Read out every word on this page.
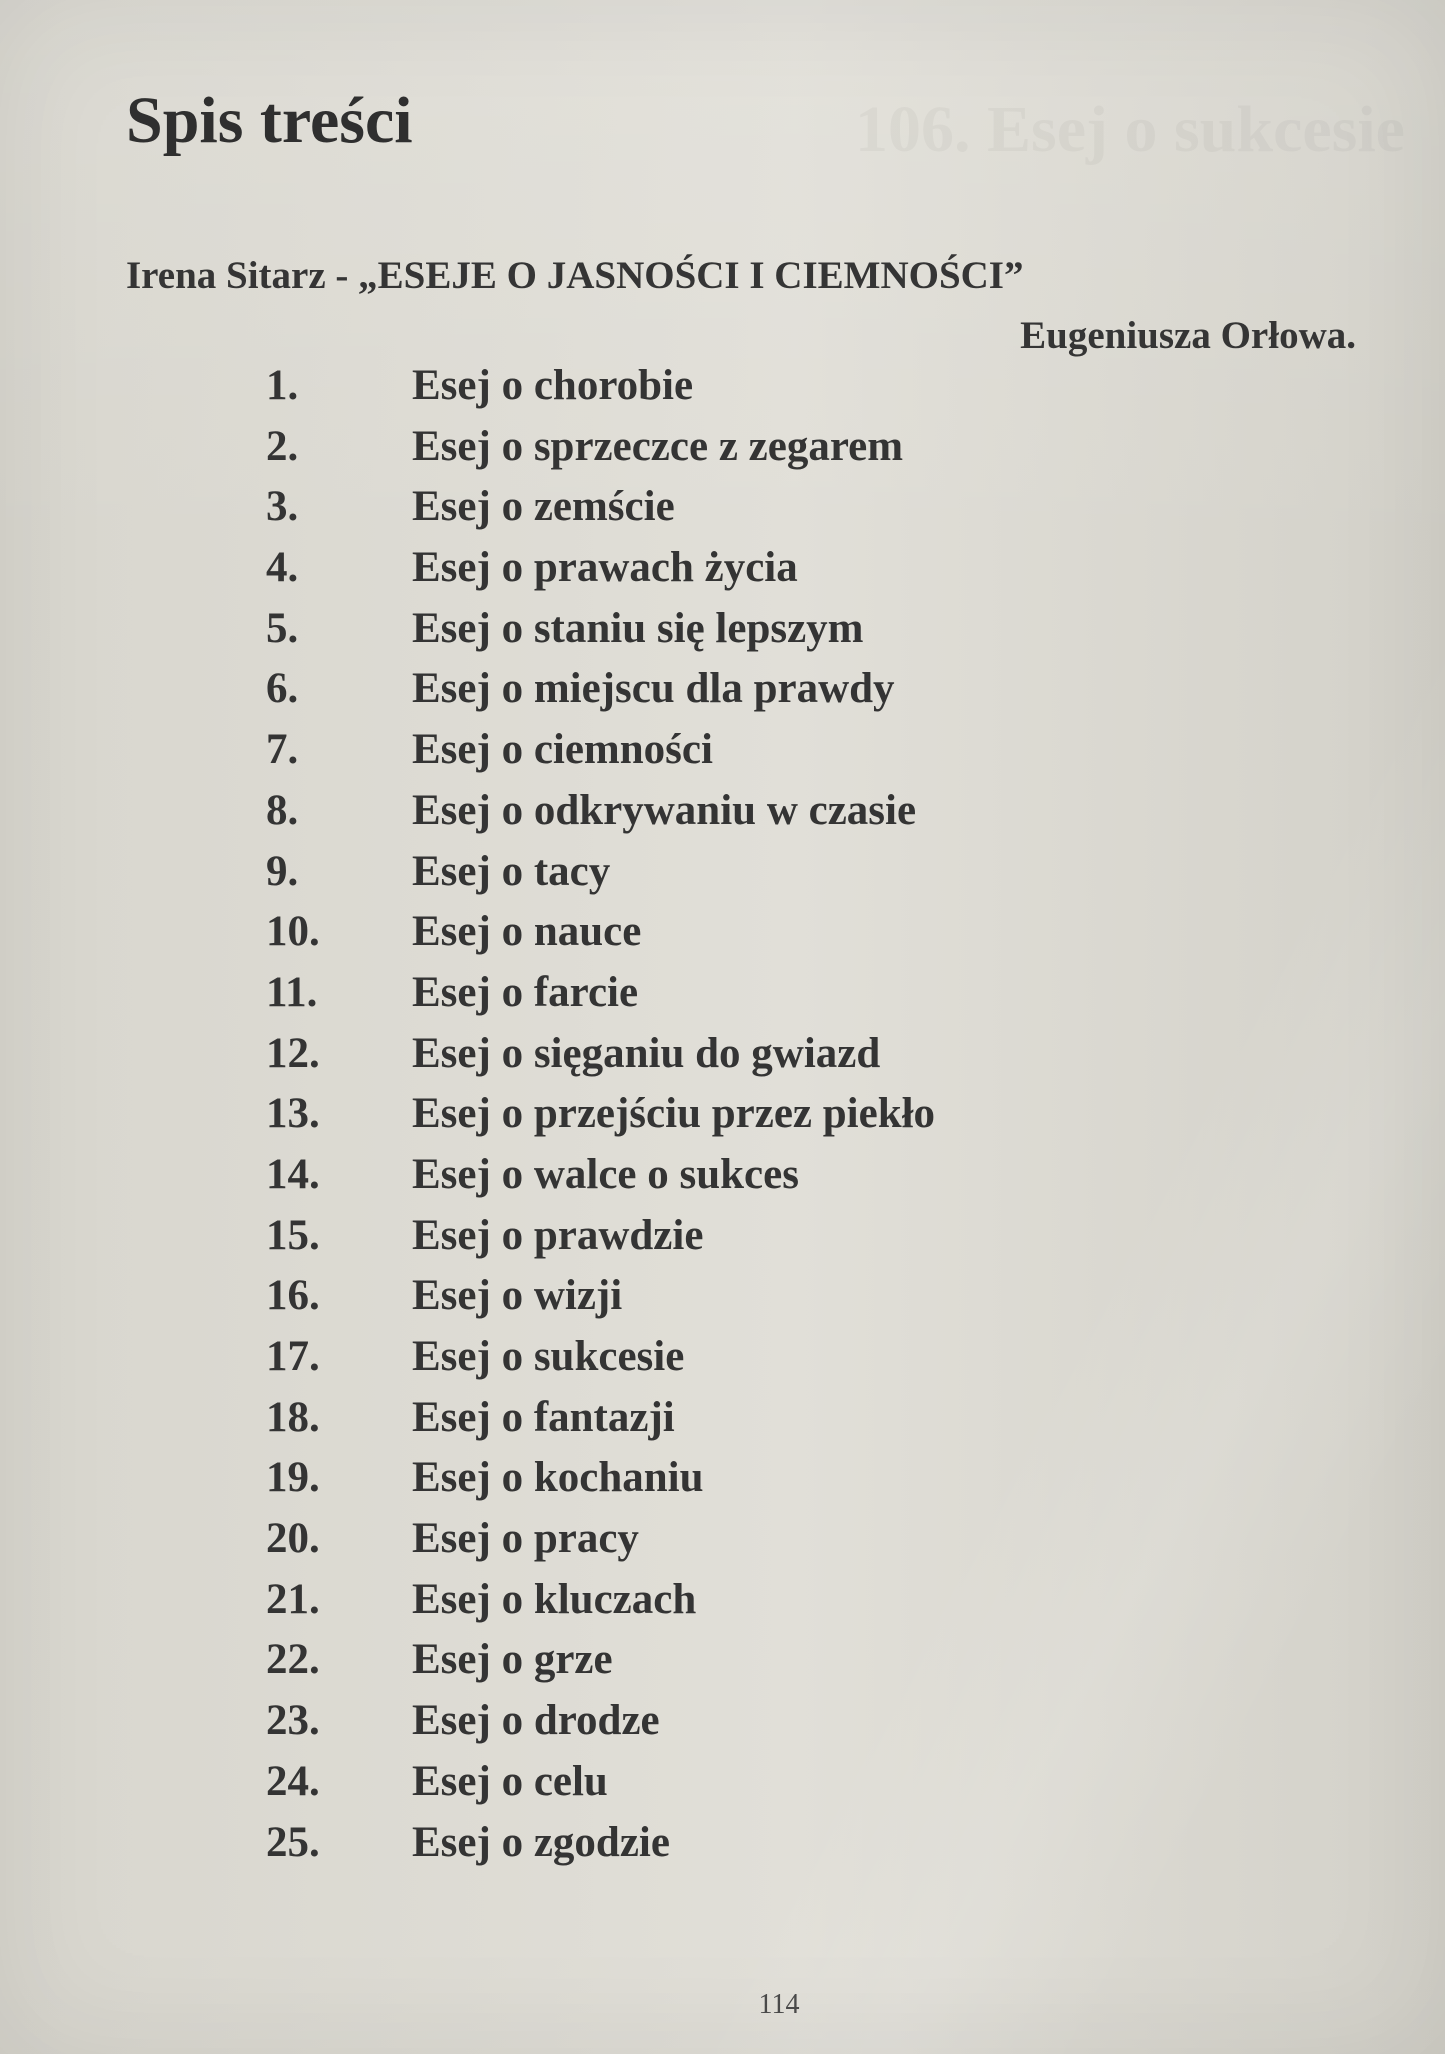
Spis treści

Irena Sitarz - „ESEJE O JASNOŚCI I CIEMNOŚCI”

Eugeniusza Orłowa.

1.	Esej o chorobie
2.	Esej o sprzeczce z zegarem
3.	Esej o zemście
4.	Esej o prawach życia
5.	Esej o staniu się lepszym
6.	Esej o miejscu dla prawdy
7.	Esej o ciemności
8.	Esej o odkrywaniu w czasie
9.	Esej o tacy
10.	Esej o nauce
11.	Esej o farcie
12.	Esej o sięganiu do gwiazd
13.	Esej o przejściu przez piekło
14.	Esej o walce o sukces
15.	Esej o prawdzie
16.	Esej o wizji
17.	Esej o sukcesie
18.	Esej o fantazji
19.	Esej o kochaniu
20.	Esej o pracy
21.	Esej o kluczach
22.	Esej o grze
23.	Esej o drodze
24.	Esej o celu
25.	Esej o zgodzie
114
